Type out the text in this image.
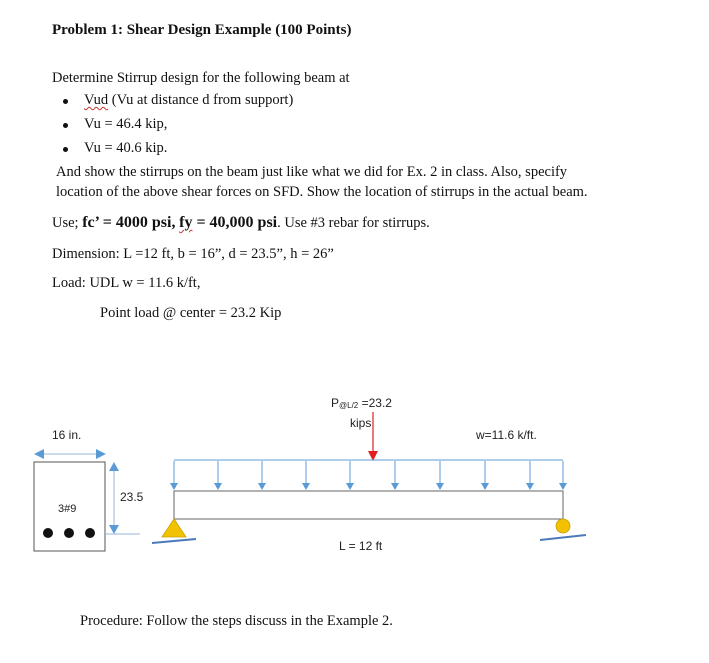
Problem 1: Shear Design Example (100 Points)
Determine Stirrup design for the following beam at
Vud (Vu at distance d from support)
Vu = 46.4 kip,
Vu = 40.6 kip.
And show the stirrups on the beam just like what we did for Ex. 2 in class. Also, specify
location of the above shear forces on SFD. Show the location of stirrups in the actual beam.
Use; fc’ = 4000 psi, fy = 40,000 psi. Use #3 rebar for stirrups.
Dimension: L =12 ft, b = 16”, d = 23.5”, h = 26”
Load: UDL w = 11.6 k/ft,
Point load @ center = 23.2 Kip
16 in.
3#9
23.5
P@L/2 =23.2
kips
w=11.6 k/ft.
L = 12 ft
Procedure: Follow the steps discuss in the Example 2.
